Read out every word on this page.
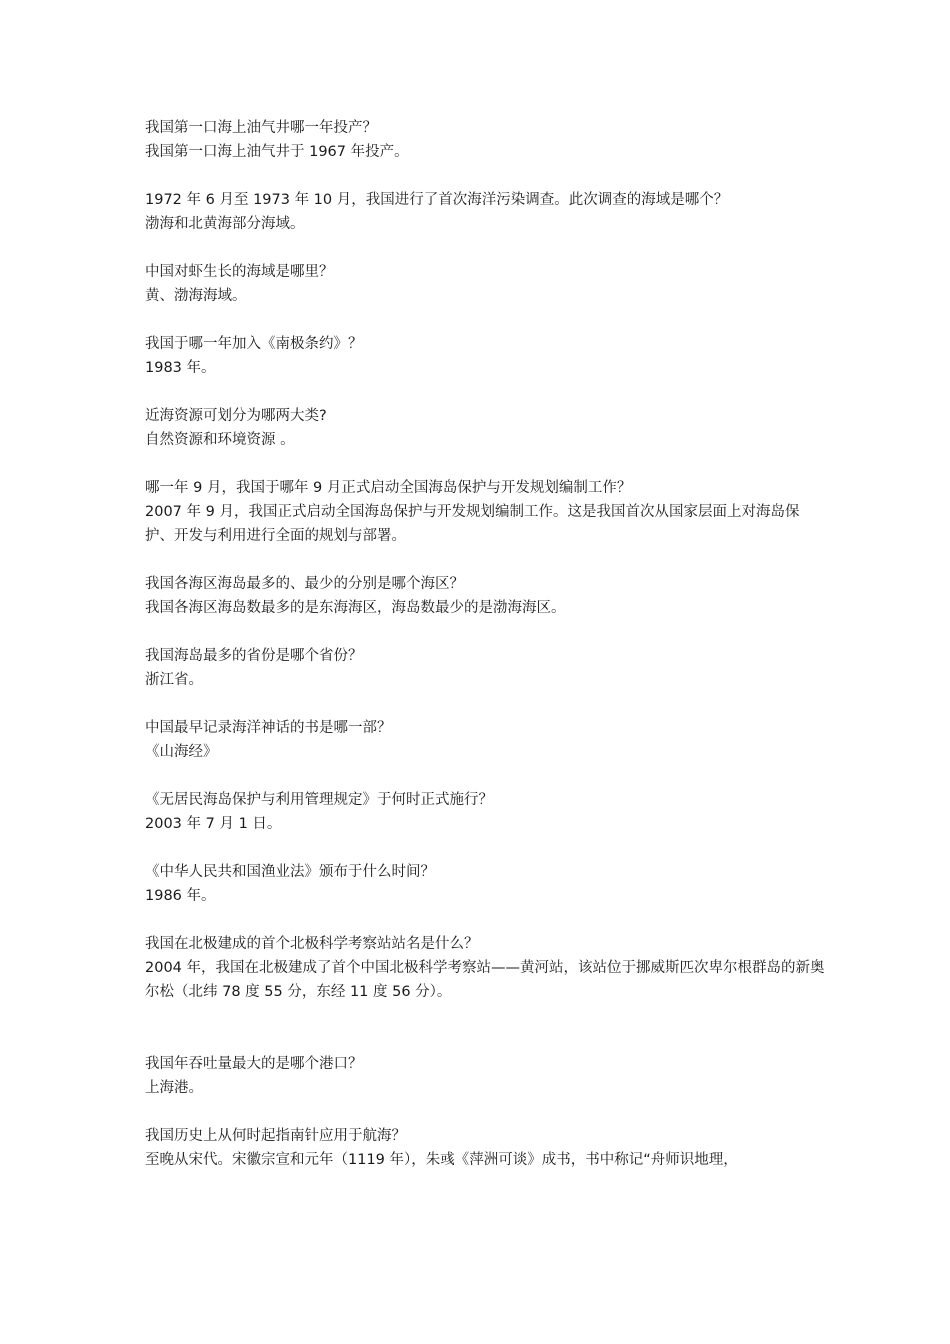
我国第一口海上油气井哪一年投产？

我国第一口海上油气井于 1967 年投产。

1972 年 6 月至 1973 年 10 月，我国进行了首次海洋污染调查。此次调查的海域是哪个？

渤海和北黄海部分海域。

中国对虾生长的海域是哪里？

黄、渤海海域。

我国于哪一年加入《南极条约》？

1983 年。

近海资源可划分为哪两大类?

自然资源和环境资源 。

哪一年 9 月，我国于哪年 9 月正式启动全国海岛保护与开发规划编制工作？

2007 年 9 月，我国正式启动全国海岛保护与开发规划编制工作。这是我国首次从国家层面上对海岛保护、开发与利用进行全面的规划与部署。

我国各海区海岛最多的、最少的分别是哪个海区？

我国各海区海岛数最多的是东海海区，海岛数最少的是渤海海区。

我国海岛最多的省份是哪个省份？

浙江省。

中国最早记录海洋神话的书是哪一部？

《山海经》

《无居民海岛保护与利用管理规定》于何时正式施行？

2003 年 7 月 1 日。

《中华人民共和国渔业法》颁布于什么时间？

1986 年。

我国在北极建成的首个北极科学考察站站名是什么？

2004 年，我国在北极建成了首个中国北极科学考察站——黄河站，该站位于挪威斯匹次卑尔根群岛的新奥尔松（北纬 78 度 55 分，东经 11 度 56 分）。

我国年吞吐量最大的是哪个港口？

上海港。

我国历史上从何时起指南针应用于航海？

至晚从宋代。宋徽宗宣和元年（1119 年），朱彧《萍洲可谈》成书，书中称记“舟师识地理，
